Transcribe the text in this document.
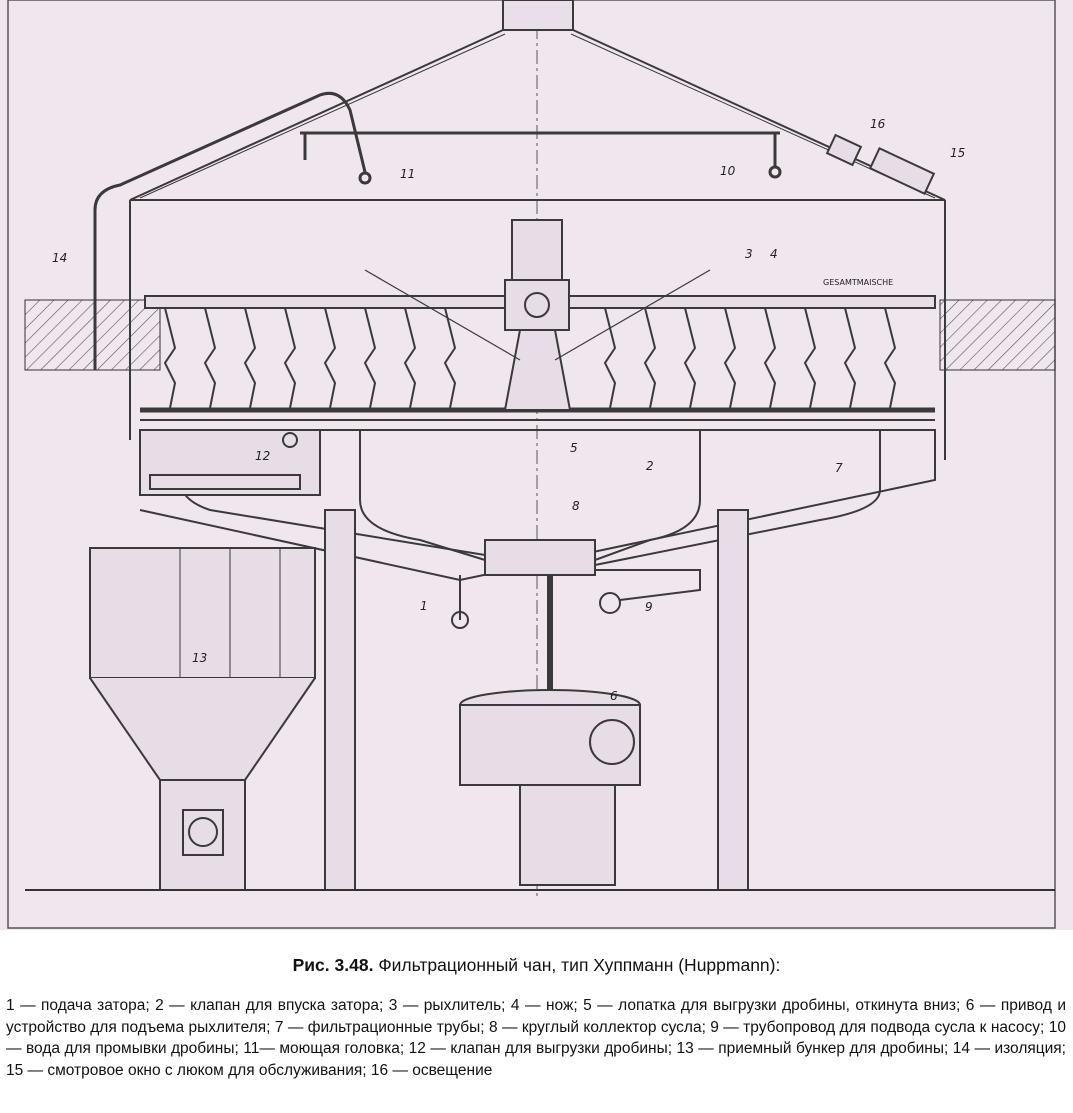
1
2
3 4
5
6
7
8
9
10
11
12
13
14
15
16
GESAMTMAISCHE
Рис. 3.48. Фильтрационный чан, тип Хуппманн (Huppmann):
1 — подача затора; 2 — клапан для впуска затора; 3 — рыхлитель; 4 — нож; 5 — лопатка для выгрузки дробины, откинута вниз; 6 — привод и устройство для подъема рыхлителя; 7 — фильтрационные трубы; 8 — круглый коллектор сусла; 9 — трубопровод для подвода сусла к насосу; 10 — вода для промывки дробины; 11— моющая головка; 12 — клапан для выгрузки дробины; 13 — приемный бункер для дробины; 14 — изоляция; 15 — смотровое окно с люком для обслуживания; 16 — освещение
